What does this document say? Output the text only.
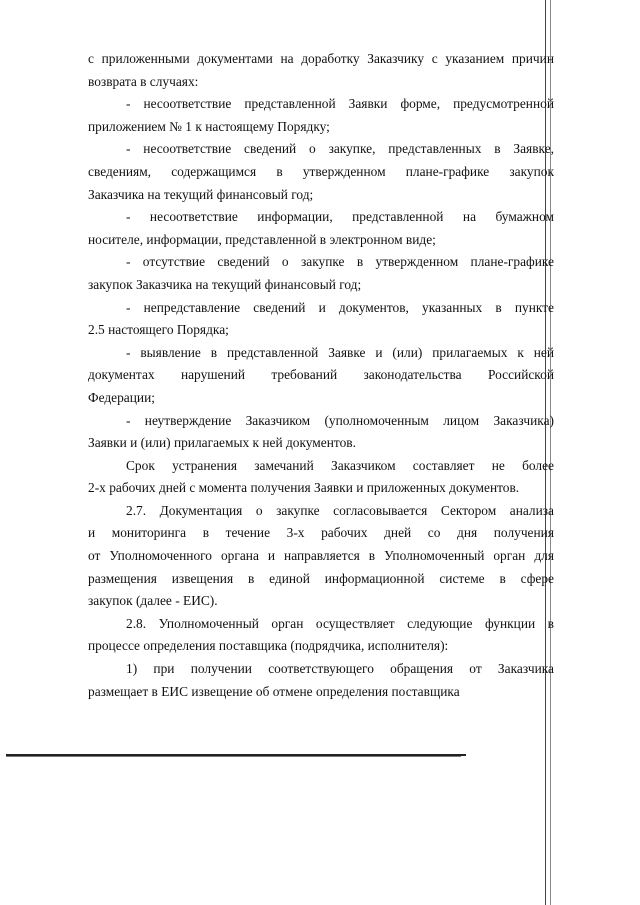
с приложенными документами на доработку Заказчику с указанием причин

возврата в случаях:

- несоответствие представленной Заявки форме, предусмотренной

приложением № 1 к настоящему Порядку;

- несоответствие сведений о закупке, представленных в Заявке,

сведениям, содержащимся в утвержденном плане-графике закупок

Заказчика на текущий финансовый год;

- несоответствие информации, представленной на бумажном

носителе, информации, представленной в электронном виде;

- отсутствие сведений о закупке в утвержденном плане-графике

закупок Заказчика на текущий финансовый год;

- непредставление сведений и документов, указанных в пункте

2.5 настоящего Порядка;

- выявление в представленной Заявке и (или) прилагаемых к ней

документах нарушений требований законодательства Российской

Федерации;

- неутверждение Заказчиком (уполномоченным лицом Заказчика)

Заявки и (или) прилагаемых к ней документов.

Срок устранения замечаний Заказчиком составляет не более

2-х рабочих дней с момента получения Заявки и приложенных документов.

2.7. Документация о закупке согласовывается Сектором анализа

и мониторинга в течение 3-х рабочих дней со дня получения

от Уполномоченного органа и направляется в Уполномоченный орган для

размещения извещения в единой информационной системе в сфере

закупок (далее - ЕИС).

2.8. Уполномоченный орган осуществляет следующие функции в

процессе определения поставщика (подрядчика, исполнителя):

1) при получении соответствующего обращения от Заказчика

размещает в ЕИС извещение об отмене определения поставщика
